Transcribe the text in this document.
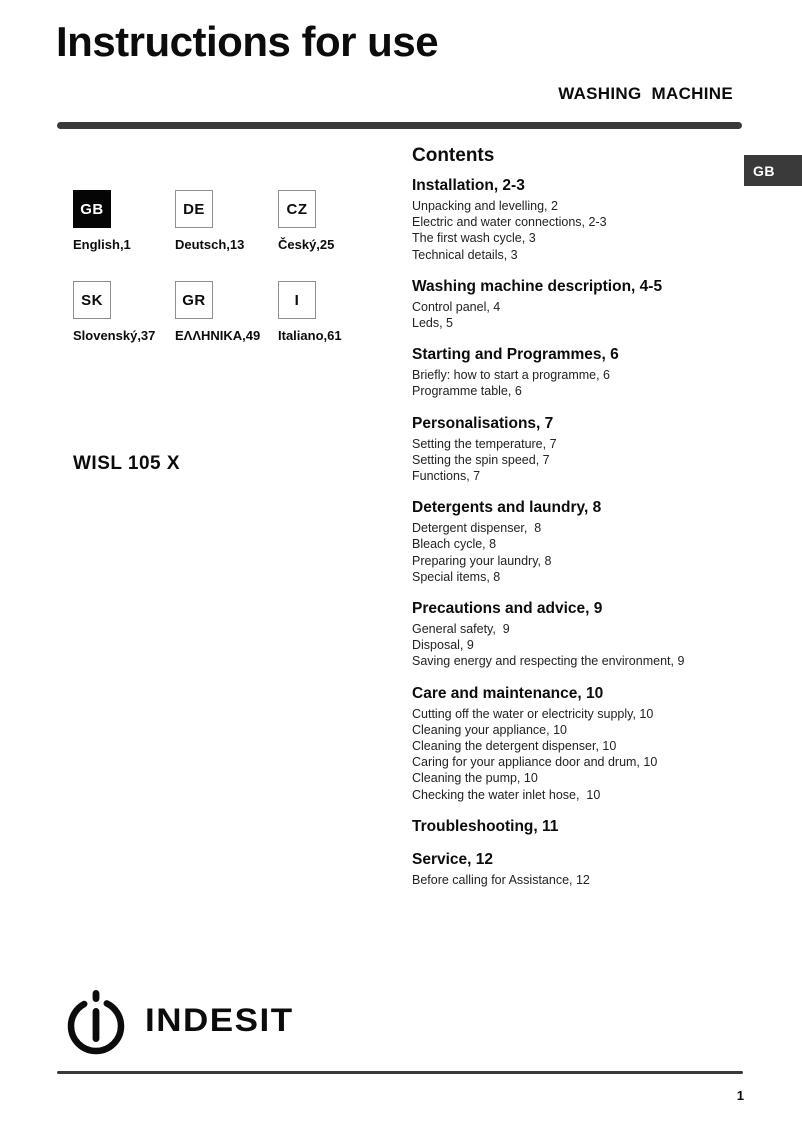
Instructions for use
WASHING  MACHINE
GB
GB
English,1
DE
Deutsch,13
CZ
Český,25
SK
Slovenský,37
GR
ΕΛΛΗΝΙΚΑ,49
I
Italiano,61
WISL 105 X
Contents
Installation, 2-3

Unpacking and levelling, 2

Electric and water connections, 2-3

The first wash cycle, 3

Technical details, 3

Washing machine description, 4-5

Control panel, 4

Leds, 5

Starting and Programmes, 6

Briefly: how to start a programme, 6

Programme table, 6

Personalisations, 7

Setting the temperature, 7

Setting the spin speed, 7

Functions, 7

Detergents and laundry, 8

Detergent dispenser,  8

Bleach cycle, 8

Preparing your laundry, 8

Special items, 8

Precautions and advice, 9

General safety,  9

Disposal, 9

Saving energy and respecting the environment, 9

Care and maintenance, 10

Cutting off the water or electricity supply, 10

Cleaning your appliance, 10

Cleaning the detergent dispenser, 10

Caring for your appliance door and drum, 10

Cleaning the pump, 10

Checking the water inlet hose,  10

Troubleshooting, 11
Service, 12

Before calling for Assistance, 12

INDESIT
1
